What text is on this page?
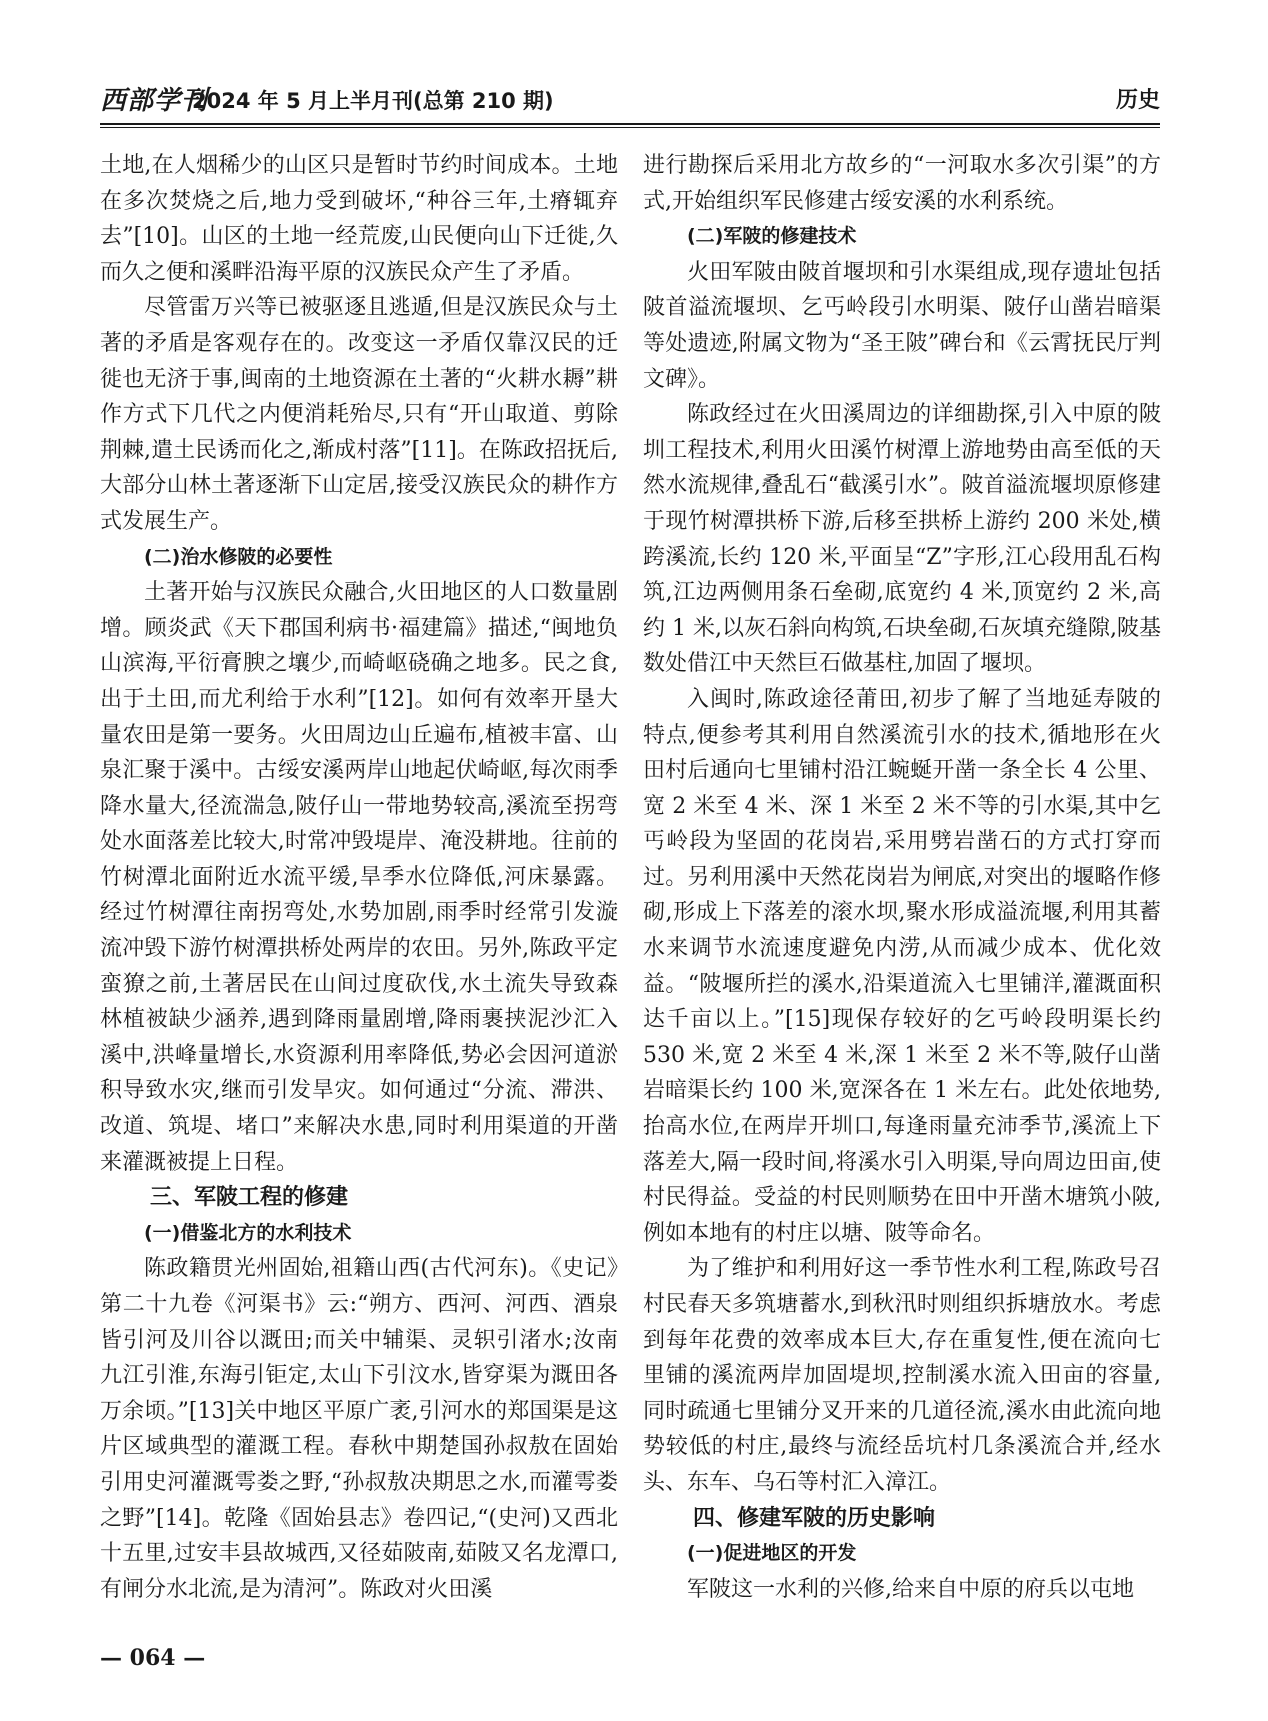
西部学刊
2024 年 5 月上半月刊(总第 210 期)	历史

土地,在人烟稀少的山区只是暂时节约时间成本。土地在多次焚烧之后,地力受到破坏,“种谷三年,土瘠辄弃去”[10]。山区的土地一经荒废,山民便向山下迁徙,久而久之便和溪畔沿海平原的汉族民众产生了矛盾。

尽管雷万兴等已被驱逐且逃遁,但是汉族民众与土著的矛盾是客观存在的。改变这一矛盾仅靠汉民的迁徙也无济于事,闽南的土地资源在土著的“火耕水耨”耕作方式下几代之内便消耗殆尽,只有“开山取道、剪除荆棘,遣土民诱而化之,渐成村落”[11]。在陈政招抚后,大部分山林土著逐渐下山定居,接受汉族民众的耕作方式发展生产。

(二)治水修陂的必要性

土著开始与汉族民众融合,火田地区的人口数量剧增。顾炎武《天下郡国利病书·福建篇》描述,“闽地负山滨海,平衍膏腴之壤少,而崎岖硗确之地多。民之食,出于土田,而尤利给于水利”[12]。如何有效率开垦大量农田是第一要务。火田周边山丘遍布,植被丰富、山泉汇聚于溪中。古绥安溪两岸山地起伏崎岖,每次雨季降水量大,径流湍急,陂仔山一带地势较高,溪流至拐弯处水面落差比较大,时常冲毁堤岸、淹没耕地。往前的竹树潭北面附近水流平缓,旱季水位降低,河床暴露。经过竹树潭往南拐弯处,水势加剧,雨季时经常引发漩流冲毁下游竹树潭拱桥处两岸的农田。另外,陈政平定蛮獠之前,土著居民在山间过度砍伐,水土流失导致森林植被缺少涵养,遇到降雨量剧增,降雨裹挟泥沙汇入溪中,洪峰量增长,水资源利用率降低,势必会因河道淤积导致水灾,继而引发旱灾。如何通过“分流、滞洪、改道、筑堤、堵口”来解决水患,同时利用渠道的开凿来灌溉被提上日程。

三、军陂工程的修建

(一)借鉴北方的水利技术

陈政籍贯光州固始,祖籍山西(古代河东)。《史记》第二十九卷《河渠书》云:“朔方、西河、河西、酒泉皆引河及川谷以溉田;而关中辅渠、灵轵引渚水;汝南九江引淮,东海引钜定,太山下引汶水,皆穿渠为溉田各万余顷。”[13]关中地区平原广袤,引河水的郑国渠是这片区域典型的灌溉工程。春秋中期楚国孙叔敖在固始引用史河灌溉雩娄之野,“孙叔敖决期思之水,而灌雩娄之野”[14]。乾隆《固始县志》卷四记,“(史河)又西北十五里,过安丰县故城西,又径茹陂南,茹陂又名龙潭口,有闸分水北流,是为清河”。陈政对火田溪

进行勘探后采用北方故乡的“一河取水多次引渠”的方式,开始组织军民修建古绥安溪的水利系统。

(二)军陂的修建技术

火田军陂由陂首堰坝和引水渠组成,现存遗址包括陂首溢流堰坝、乞丐岭段引水明渠、陂仔山凿岩暗渠等处遗迹,附属文物为“圣王陂”碑台和《云霄抚民厅判文碑》。

陈政经过在火田溪周边的详细勘探,引入中原的陂圳工程技术,利用火田溪竹树潭上游地势由高至低的天然水流规律,叠乱石“截溪引水”。陂首溢流堰坝原修建于现竹树潭拱桥下游,后移至拱桥上游约 200 米处,横跨溪流,长约 120 米,平面呈“Z”字形,江心段用乱石构筑,江边两侧用条石垒砌,底宽约 4 米,顶宽约 2 米,高约 1 米,以灰石斜向构筑,石块垒砌,石灰填充缝隙,陂基数处借江中天然巨石做基柱,加固了堰坝。

入闽时,陈政途径莆田,初步了解了当地延寿陂的特点,便参考其利用自然溪流引水的技术,循地形在火田村后通向七里铺村沿江蜿蜒开凿一条全长 4 公里、宽 2 米至 4 米、深 1 米至 2 米不等的引水渠,其中乞丐岭段为坚固的花岗岩,采用劈岩凿石的方式打穿而过。另利用溪中天然花岗岩为闸底,对突出的堰略作修砌,形成上下落差的滚水坝,聚水形成溢流堰,利用其蓄水来调节水流速度避免内涝,从而减少成本、优化效益。“陂堰所拦的溪水,沿渠道流入七里铺洋,灌溉面积达千亩以上。”[15]现保存较好的乞丐岭段明渠长约 530 米,宽 2 米至 4 米,深 1 米至 2 米不等,陂仔山凿岩暗渠长约 100 米,宽深各在 1 米左右。此处依地势,抬高水位,在两岸开圳口,每逢雨量充沛季节,溪流上下落差大,隔一段时间,将溪水引入明渠,导向周边田亩,使村民得益。受益的村民则顺势在田中开凿木塘筑小陂,例如本地有的村庄以塘、陂等命名。

为了维护和利用好这一季节性水利工程,陈政号召村民春天多筑塘蓄水,到秋汛时则组织拆塘放水。考虑到每年花费的效率成本巨大,存在重复性,便在流向七里铺的溪流两岸加固堤坝,控制溪水流入田亩的容量,同时疏通七里铺分叉开来的几道径流,溪水由此流向地势较低的村庄,最终与流经岳坑村几条溪流合并,经水头、东车、乌石等村汇入漳江。

四、修建军陂的历史影响

(一)促进地区的开发

军陂这一水利的兴修,给来自中原的府兵以屯地

— 064 —
